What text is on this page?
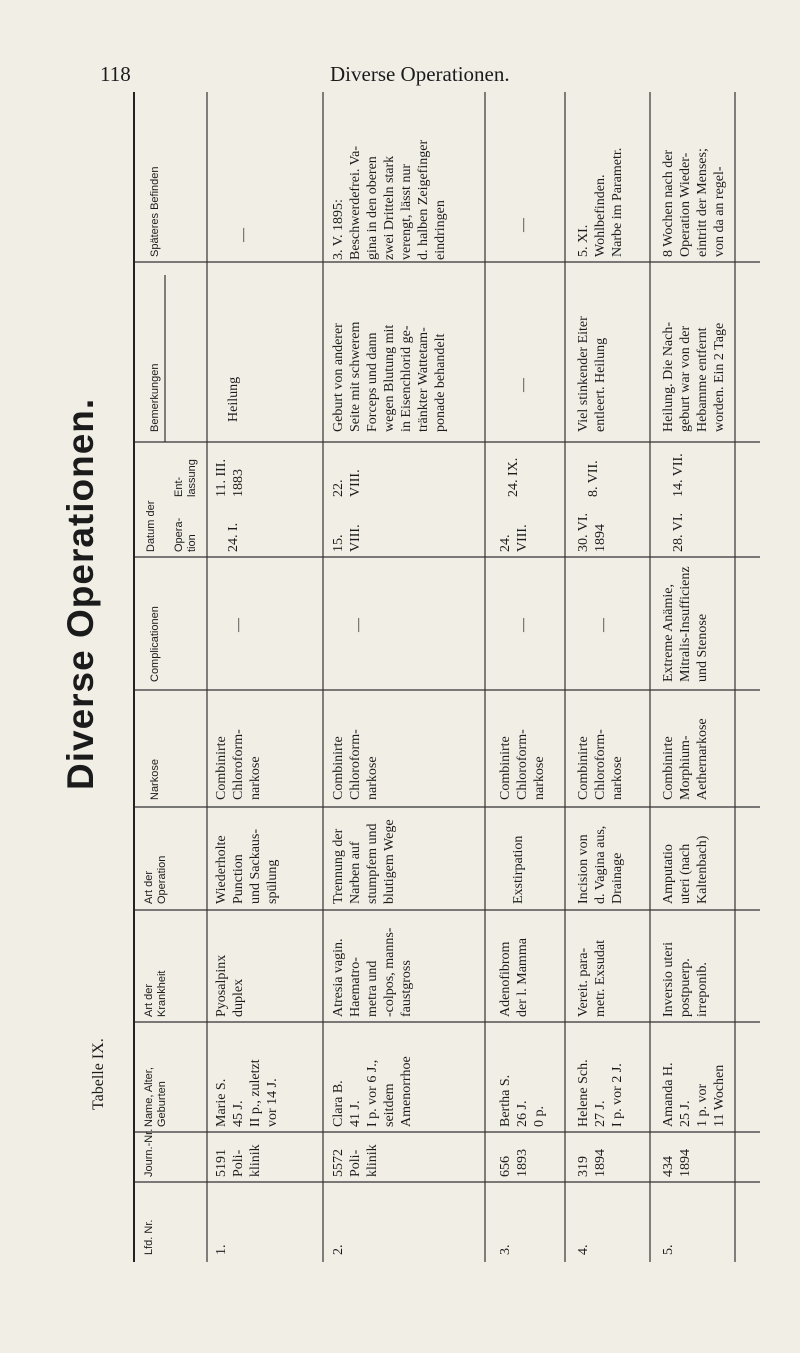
118	Diverse Operationen.
Diverse Operationen.
Tabelle IX.
Lfd. Nr.
Journ.-Nr.
Name, Alter,
Geburten
Art der
Krankheit
Art der
Operation
Narkose
Complicationen
Datum der Opera-
tion
Ent-
lassung
Bemerkungen
Späteres Befinden
1.
5191
Poli-
klinik
Marie S.
45 J.
II p., zuletzt
vor 14 J.
Pyosalpinx
duplex
Wiederholte
Punction
und Sackaus-
spülung
Combinirte
Chloroform-
narkose
—
24. I.
11. III.
1883
Heilung
—
2.
5572
Poli-
klinik
Clara B.
41 J.
I p. vor 6 J.,
seitdem
Amenorrhoe
Atresia vagin.
Haematro-
metra und
-colpos, manns-
faustgross
Trennung der
Narben auf
stumpfem und
blutigem Wege
Combinirte
Chloroform-
narkose
—
15.
VIII.
22.
VIII.
Geburt von anderer
Seite mit schwerem
Forceps und dann
wegen Blutung mit
in Eisenchlorid ge-
tränkter Wattetam-
ponade behandelt
3. V. 1895:
Beschwerdefrei. Va-
gina in den oberen
zwei Dritteln stark
verengt, lässt nur
d. halben Zeigefinger
eindringen
3.
656
1893
Bertha S.
26 J.
0 p.
Adenofibrom
der l. Mamma
Exstirpation
Combinirte
Chloroform-
narkose
—
24.
VIII.
24. IX.
—
—
4.
319
1894
Helene Sch.
27 J.
I p. vor 2 J.
Vereit. para-
metr. Exsudat
Incision von
d. Vagina aus,
Drainage
Combinirte
Chloroform-
narkose
—
30. VI.
1894
8. VII.
Viel stinkender Eiter
entleert. Heilung
5. XI.
Wohlbefinden.
Narbe im Parametr.
5.
434
1894
Amanda H.
25 J.
1 p. vor
11 Wochen
Inversio uteri
postpuerp.
irreponib.
Amputatio
uteri (nach
Kaltenbach)
Combinirte
Morphium-
Aethernarkose
Extreme Anämie,
Mitralis-Insufficienz
und Stenose
28. VI.
14. VII.
Heilung. Die Nach-
geburt war von der
Hebamme entfernt
worden. Ein 2 Tage
8 Wochen nach der
Operation Wieder-
eintritt der Menses;
von da an regel-
